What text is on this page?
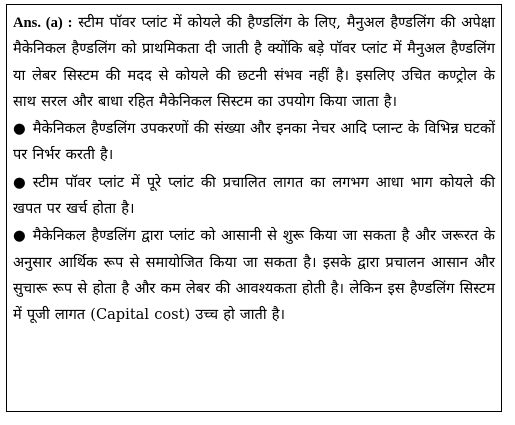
Ans. (a) : स्टीम पॉवर प्लांट में कोयले की हैण्डलिंग के लिए, मैनुअल हैण्डलिंग की अपेक्षा मैकेनिकल हैण्डलिंग को प्राथमिकता दी जाती है क्योंकि बड़े पॉवर प्लांट में मैनुअल हैण्डलिंग या लेबर सिस्टम की मदद से कोयले की छटनी संभव नहीं है। इसलिए उचित कण्ट्रोल के साथ सरल और बाधा रहित मैकेनिकल सिस्टम का उपयोग किया जाता है।

● मैकेनिकल हैण्डलिंग उपकरणों की संख्या और इनका नेचर आदि प्लान्ट के विभिन्न घटकों पर निर्भर करती है।

● स्टीम पॉवर प्लांट में पूरे प्लांट की प्रचालित लागत का लगभग आधा भाग कोयले की खपत पर खर्च होता है।

● मैकेनिकल हैण्डलिंग द्वारा प्लांट को आसानी से शुरू किया जा सकता है और जरूरत के अनुसार आर्थिक रूप से समायोजित किया जा सकता है। इसके द्वारा प्रचालन आसान और सुचारू रूप से होता है और कम लेबर की आवश्यकता होती है। लेकिन इस हैण्डलिंग सिस्टम में पूजी लागत (Capital cost) उच्च हो जाती है।
